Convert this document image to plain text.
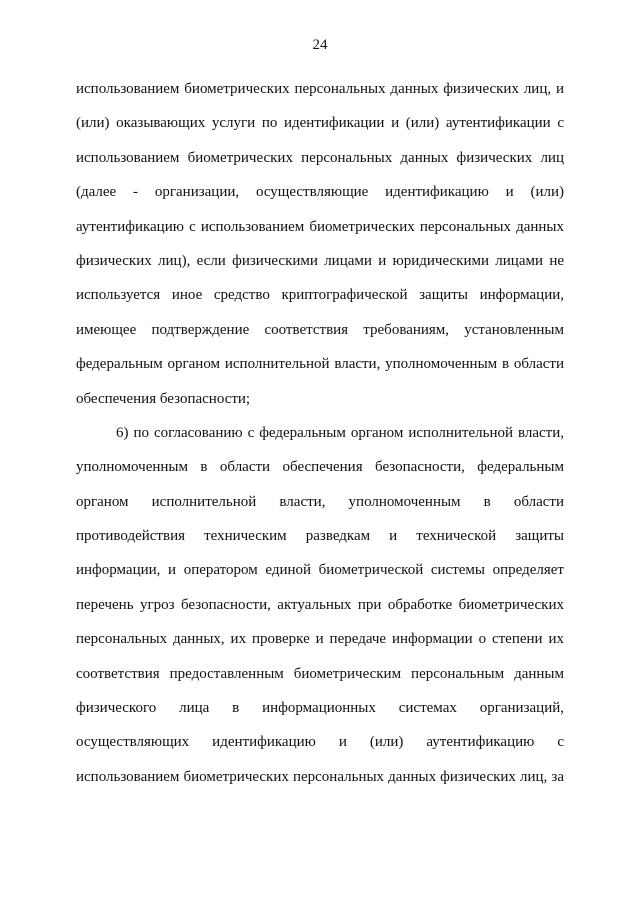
24
использованием биометрических персональных данных физических лиц, и
(или) оказывающих услуги по идентификации и (или) аутентификации с
использованием биометрических персональных данных физических лиц
(далее - организации, осуществляющие идентификацию и (или)
аутентификацию с использованием биометрических персональных данных
физических лиц), если физическими лицами и юридическими лицами не
используется иное средство криптографической защиты информации,
имеющее подтверждение соответствия требованиям, установленным
федеральным органом исполнительной власти, уполномоченным в области
обеспечения безопасности;
6) по согласованию с федеральным органом исполнительной власти,
уполномоченным в области обеспечения безопасности, федеральным
органом исполнительной власти, уполномоченным в области
противодействия техническим разведкам и технической защиты
информации, и оператором единой биометрической системы определяет
перечень угроз безопасности, актуальных при обработке биометрических
персональных данных, их проверке и передаче информации о степени их
соответствия предоставленным биометрическим персональным данным
физического лица в информационных системах организаций,
осуществляющих идентификацию и (или) аутентификацию с
использованием биометрических персональных данных физических лиц, за
